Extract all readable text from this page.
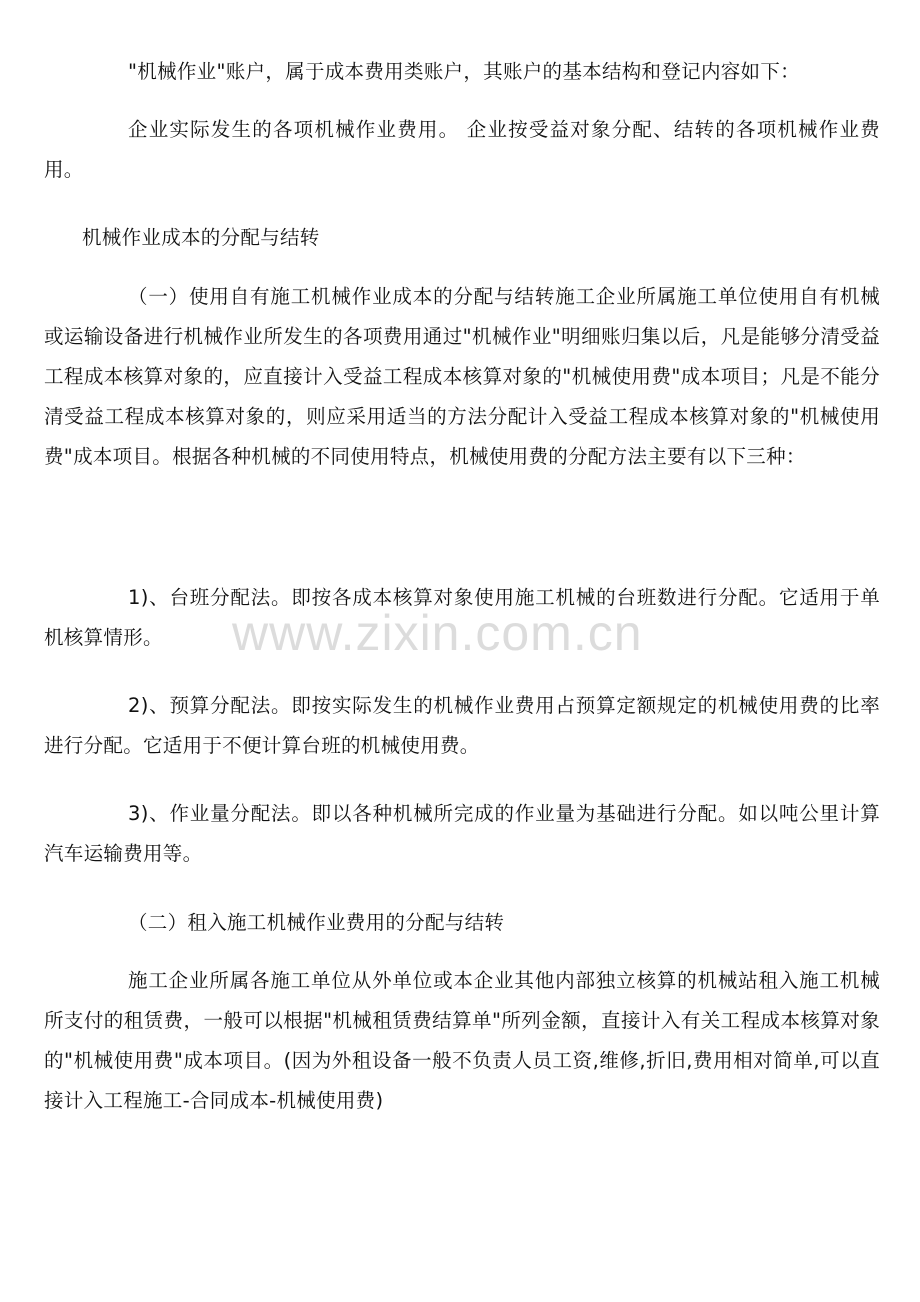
"机械作业"账户，属于成本费用类账户，其账户的基本结构和登记内容如下：

企业实际发生的各项机械作业费用。 企业按受益对象分配、结转的各项机械作业费用。

机械作业成本的分配与结转

（一）使用自有施工机械作业成本的分配与结转施工企业所属施工单位使用自有机械或运输设备进行机械作业所发生的各项费用通过"机械作业"明细账归集以后，凡是能够分清受益工程成本核算对象的，应直接计入受益工程成本核算对象的"机械使用费"成本项目；凡是不能分清受益工程成本核算对象的，则应采用适当的方法分配计入受益工程成本核算对象的"机械使用费"成本项目。根据各种机械的不同使用特点，机械使用费的分配方法主要有以下三种：

1)、台班分配法。即按各成本核算对象使用施工机械的台班数进行分配。它适用于单机核算情形。

2)、预算分配法。即按实际发生的机械作业费用占预算定额规定的机械使用费的比率进行分配。它适用于不便计算台班的机械使用费。

3)、作业量分配法。即以各种机械所完成的作业量为基础进行分配。如以吨公里计算汽车运输费用等。

（二）租入施工机械作业费用的分配与结转

施工企业所属各施工单位从外单位或本企业其他内部独立核算的机械站租入施工机械所支付的租赁费，一般可以根据"机械租赁费结算单"所列金额，直接计入有关工程成本核算对象的"机械使用费"成本项目。(因为外租设备一般不负责人员工资,维修,折旧,费用相对简单,可以直接计入工程施工-合同成本-机械使用费)

www.zixin.com.cn
